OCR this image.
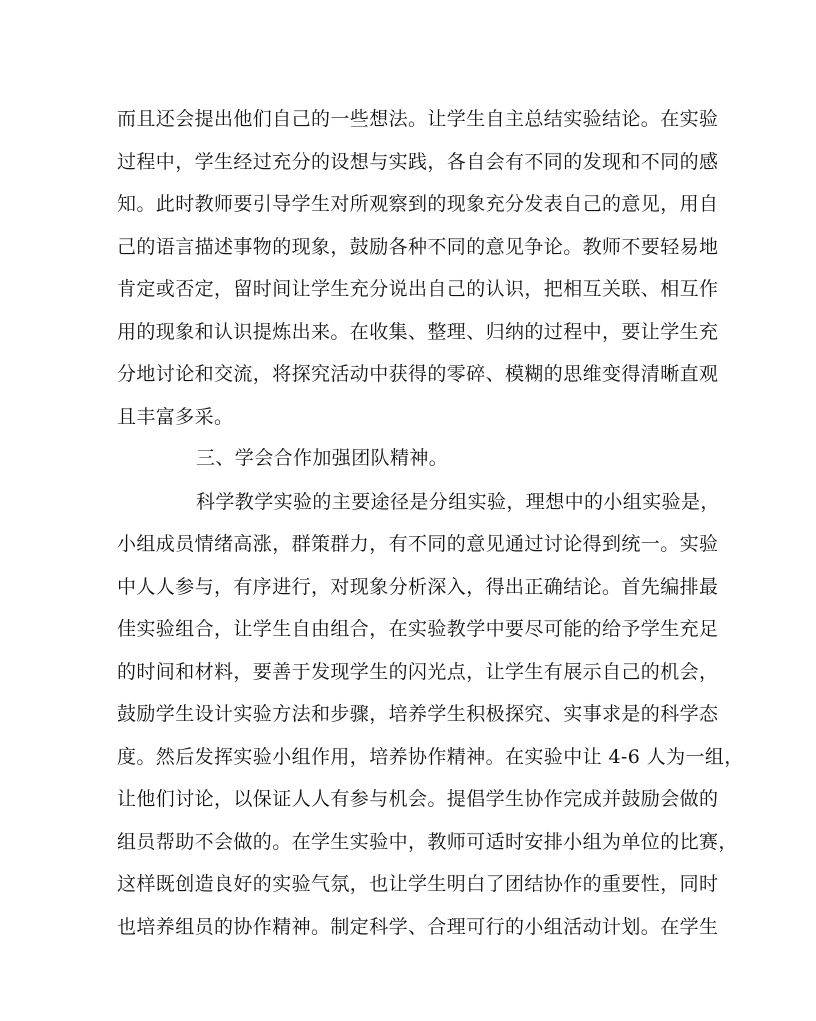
而且还会提出他们自己的一些想法。让学生自主总结实验结论。在实验
过程中，学生经过充分的设想与实践，各自会有不同的发现和不同的感
知。此时教师要引导学生对所观察到的现象充分发表自己的意见，用自
己的语言描述事物的现象，鼓励各种不同的意见争论。教师不要轻易地
肯定或否定，留时间让学生充分说出自己的认识，把相互关联、相互作
用的现象和认识提炼出来。在收集、整理、归纳的过程中，要让学生充
分地讨论和交流，将探究活动中获得的零碎、模糊的思维变得清晰直观
且丰富多采。
三、学会合作加强团队精神。
科学教学实验的主要途径是分组实验，理想中的小组实验是，
小组成员情绪高涨，群策群力，有不同的意见通过讨论得到统一。实验
中人人参与，有序进行，对现象分析深入，得出正确结论。首先编排最
佳实验组合，让学生自由组合，在实验教学中要尽可能的给予学生充足
的时间和材料，要善于发现学生的闪光点，让学生有展示自己的机会，
鼓励学生设计实验方法和步骤，培养学生积极探究、实事求是的科学态
度。然后发挥实验小组作用，培养协作精神。在实验中让 4-6 人为一组，
让他们讨论，以保证人人有参与机会。提倡学生协作完成并鼓励会做的
组员帮助不会做的。在学生实验中，教师可适时安排小组为单位的比赛，
这样既创造良好的实验气氛，也让学生明白了团结协作的重要性，同时
也培养组员的协作精神。制定科学、合理可行的小组活动计划。在学生
